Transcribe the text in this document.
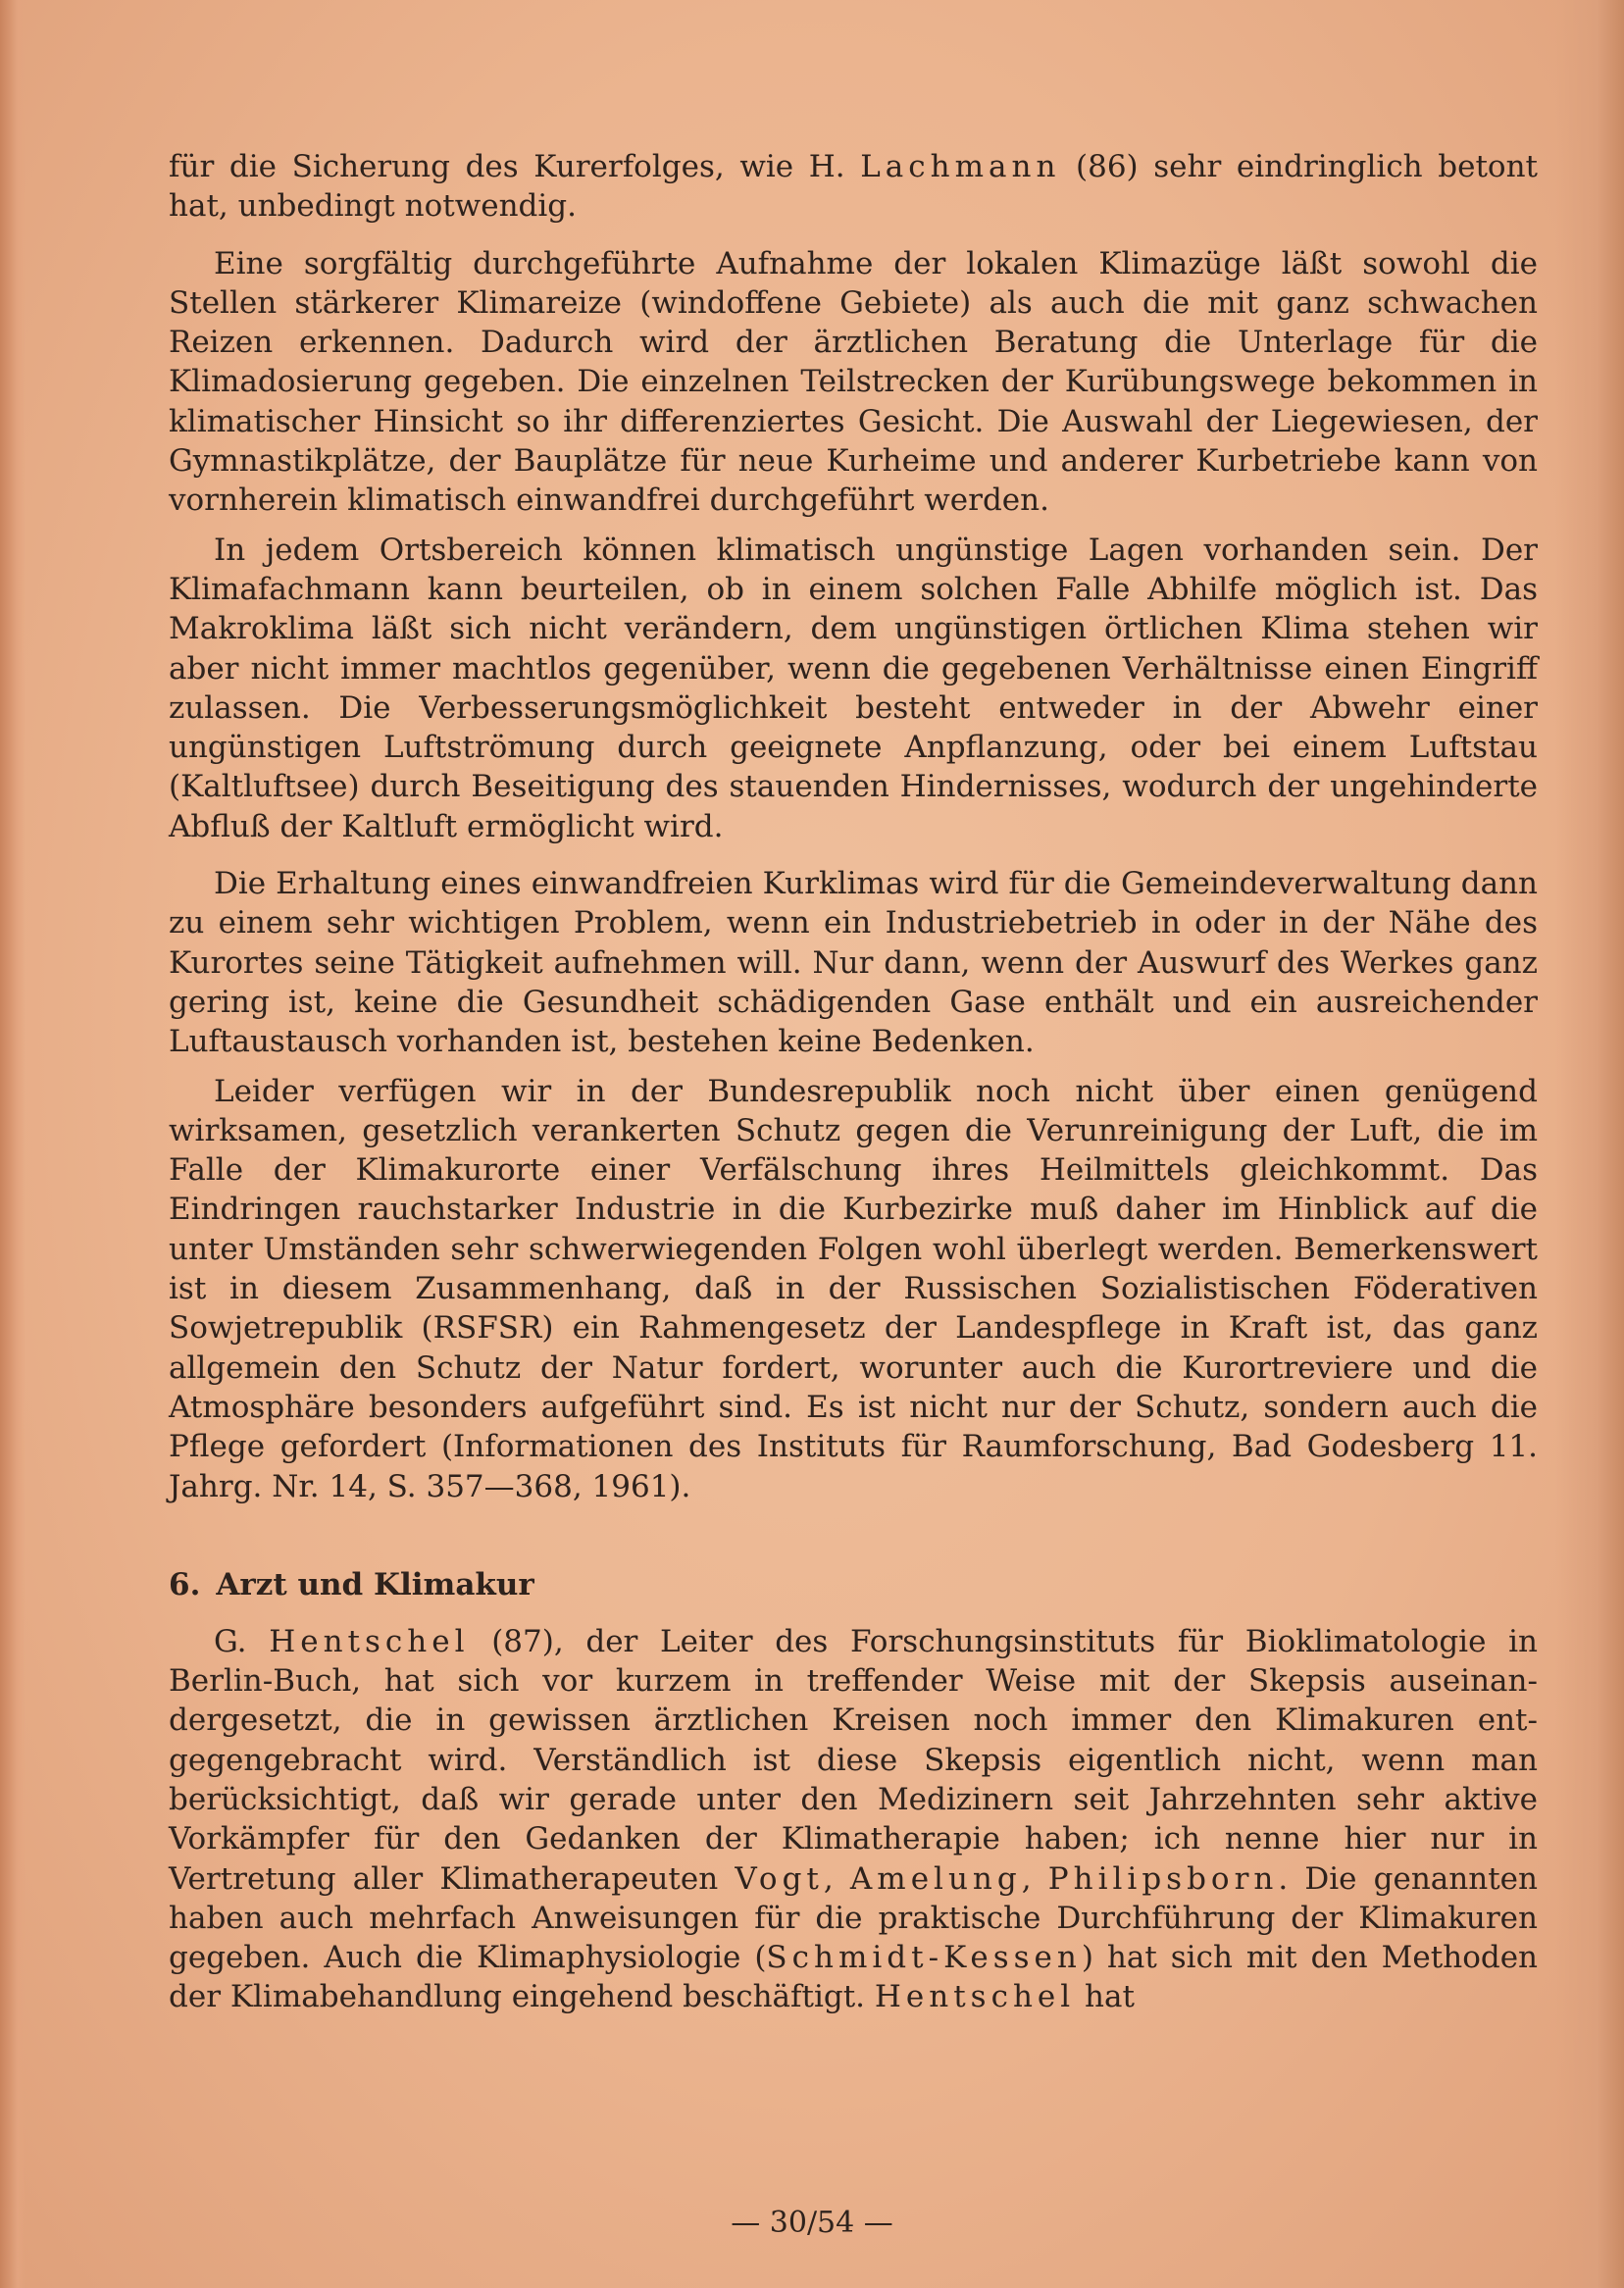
für die Sicherung des Kurerfolges, wie H. Lachmann (86) sehr eindringlich betont hat, unbedingt notwendig.

Eine sorgfältig durchgeführte Aufnahme der lokalen Klimazüge läßt sowohl die Stellen stärkerer Klimareize (windoffene Gebiete) als auch die mit ganz schwachen Reizen erkennen. Dadurch wird der ärztlichen Beratung die Unterlage für die Klimadosierung gegeben. Die einzelnen Teilstrecken der Kurübungswege bekommen in klimatischer Hinsicht so ihr differenziertes Gesicht. Die Auswahl der Liegewiesen, der Gymnastikplätze, der Bauplätze für neue Kurheime und anderer Kurbetriebe kann von vornherein klimatisch einwandfrei durchgeführt werden.

In jedem Ortsbereich können klimatisch ungünstige Lagen vorhanden sein. Der Klimafachmann kann beurteilen, ob in einem solchen Falle Abhilfe möglich ist. Das Makroklima läßt sich nicht verändern, dem ungünstigen örtlichen Klima stehen wir aber nicht immer machtlos gegenüber, wenn die gegebenen Verhältnisse einen Eingriff zulassen. Die Verbesserungsmöglichkeit besteht entweder in der Abwehr einer ungünstigen Luftströmung durch geeignete Anpflanzung, oder bei einem Luftstau (Kaltluftsee) durch Beseitigung des stauenden Hindernisses, wodurch der ungehinderte Abfluß der Kaltluft ermöglicht wird.

Die Erhaltung eines einwandfreien Kurklimas wird für die Gemeindeverwaltung dann zu einem sehr wichtigen Problem, wenn ein Industriebetrieb in oder in der Nähe des Kurortes seine Tätigkeit aufnehmen will. Nur dann, wenn der Auswurf des Werkes ganz gering ist, keine die Gesundheit schädigenden Gase enthält und ein ausreichender Luftaustausch vorhanden ist, bestehen keine Bedenken.

Leider verfügen wir in der Bundesrepublik noch nicht über einen genügend wirksamen, gesetzlich verankerten Schutz gegen die Verunreinigung der Luft, die im Falle der Klimakurorte einer Verfälschung ihres Heilmittels gleichkommt. Das Eindringen rauchstarker Industrie in die Kurbezirke muß daher im Hinblick auf die unter Umständen sehr schwerwiegenden Folgen wohl überlegt werden. Bemerkenswert ist in diesem Zusammenhang, daß in der Russischen Sozialistischen Föderativen Sowjetrepublik (RSFSR) ein Rahmengesetz der Landespflege in Kraft ist, das ganz allgemein den Schutz der Natur fordert, worunter auch die Kurortreviere und die Atmosphäre besonders aufgeführt sind. Es ist nicht nur der Schutz, sondern auch die Pflege gefordert (Informationen des Instituts für Raumforschung, Bad Godesberg 11. Jahrg. Nr. 14, S. 357—368, 1961).

6. Arzt und Klimakur

G. Hentschel (87), der Leiter des Forschungsinstituts für Bioklimatologie in Berlin-Buch, hat sich vor kurzem in treffender Weise mit der Skepsis auseinandergesetzt, die in gewissen ärztlichen Kreisen noch immer den Klimakuren entgegengebracht wird. Verständlich ist diese Skepsis eigentlich nicht, wenn man berücksichtigt, daß wir gerade unter den Medizinern seit Jahrzehnten sehr aktive Vorkämpfer für den Gedanken der Klimatherapie haben; ich nenne hier nur in Vertretung aller Klimatherapeuten Vogt, Amelung, Philipsborn. Die genannten haben auch mehrfach Anweisungen für die praktische Durchführung der Klimakuren gegeben. Auch die Klimaphysiologie (Schmidt-Kessen) hat sich mit den Methoden der Klimabehandlung eingehend beschäftigt. Hentschel hat

— 30/54 —
